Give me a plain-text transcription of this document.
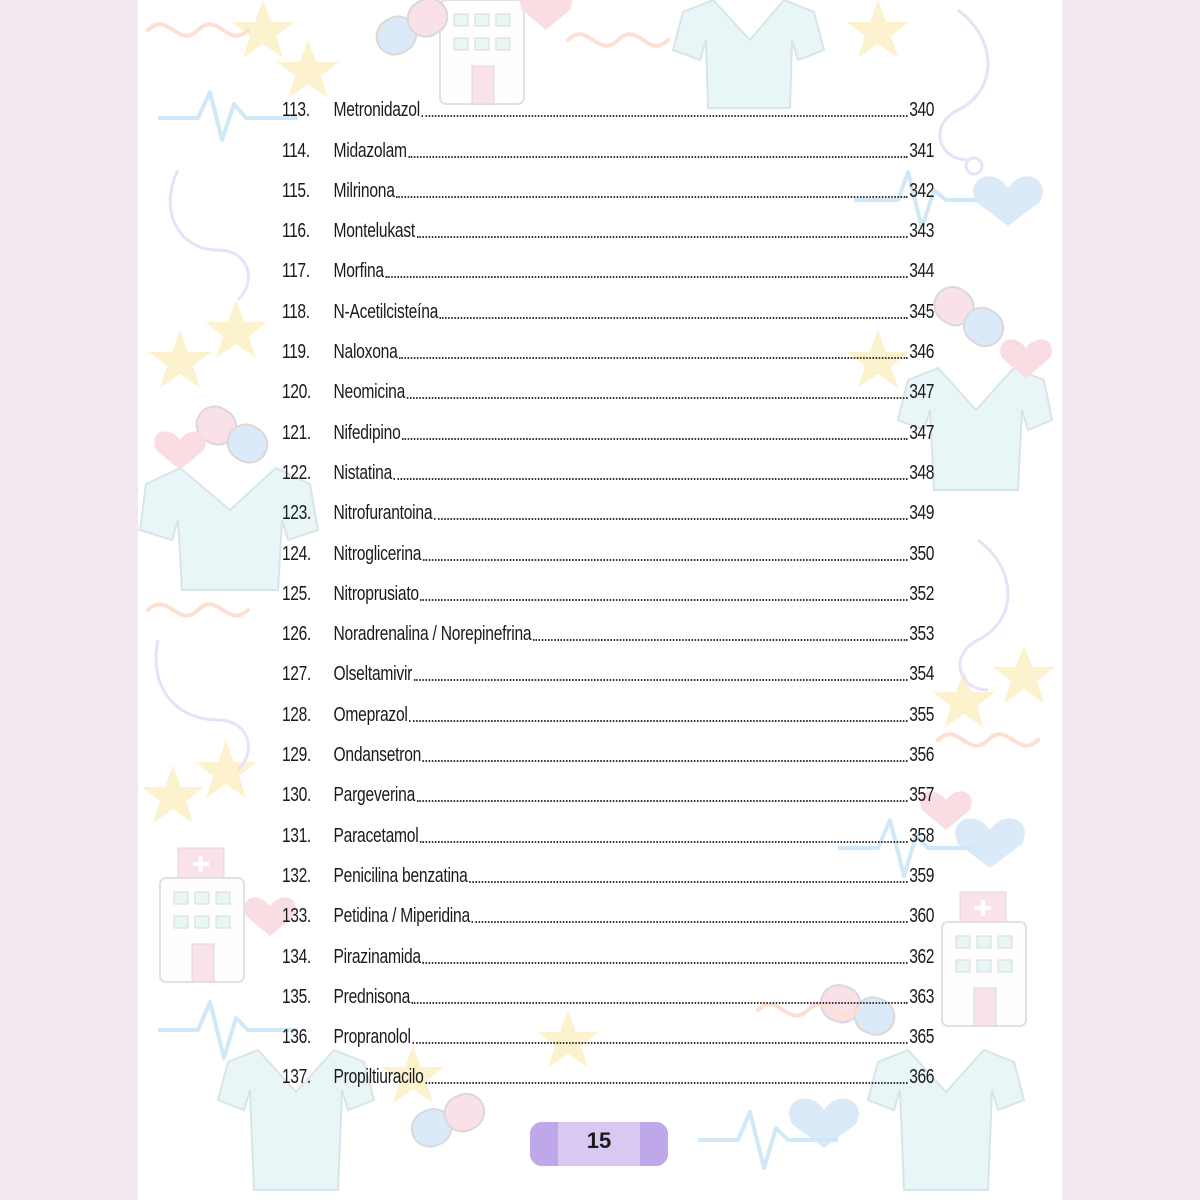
✚
✚
113.	Metronidazol	340
114.	Midazolam	341
115.	Milrinona	342
116.	Montelukast	343
117.	Morfina	344
118.	N-Acetilcisteína	345
119.	Naloxona	346
120.	Neomicina	347
121.	Nifedipino	347
122.	Nistatina	348
123.	Nitrofurantoina	349
124.	Nitroglicerina	350
125.	Nitroprusiato	352
126.	Noradrenalina / Norepinefrina	353
127.	Olseltamivir	354
128.	Omeprazol	355
129.	Ondansetron	356
130.	Pargeverina	357
131.	Paracetamol	358
132.	Penicilina benzatina	359
133.	Petidina / Miperidina	360
134.	Pirazinamida	362
135.	Prednisona	363
136.	Propranolol	365
137.	Propiltiuracilo	366
15
